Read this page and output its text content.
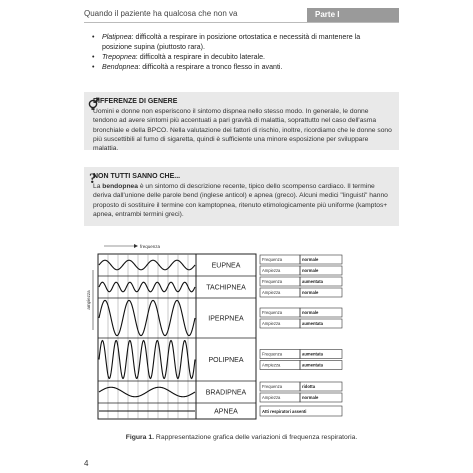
Quando il paziente ha qualcosa che non va	Parte I
• Platipnea: difficoltà a respirare in posizione ortostatica e necessità di mantenere la posizione supina (piuttosto rara).
• Trepopnea: difficoltà a respirare in decubito laterale.
• Bendopnea: difficoltà a respirare a tronco flesso in avanti.
DIFFERENZE DI GENERE
Uomini e donne non esperiscono il sintomo dispnea nello stesso modo. In generale, le donne tendono ad avere sintomi più accentuati a pari gravità di malattia, soprattutto nel caso dell'asma bronchiale e della BPCO. Nella valutazione dei fattori di rischio, inoltre, ricordiamo che le donne sono più suscettibili al fumo di sigaretta, quindi è sufficiente una minore esposizione per sviluppare malattia.
?
NON TUTTI SANNO CHE...
La bendopnea è un sintomo di descrizione recente, tipico dello scompenso cardiaco. Il termine deriva dall'unione delle parole bend (inglese anticol) e apnea (greco). Alcuni medici "linguisti" hanno proposto di sostituire il termine con kamptopnea, ritenuto etimologicamente più uniforme (kamptos+ apnea, entrambi termini greci).
frequenza
ampiezza
EUPNEA
Frequenza	normale
Ampiezza	normale
TACHIPNEA
Frequenza	aumentata
Ampiezza	normale
IPERPNEA
Frequenza	normale
Ampiezza	aumentata
POLIPNEA
Frequenza	aumentata
Ampiezza	aumentata
BRADIPNEA
Frequenza	ridotta
Ampiezza	normale
APNEA	Atti respiratori assenti
Figura 1. Rappresentazione grafica delle variazioni di frequenza respiratoria.
4
